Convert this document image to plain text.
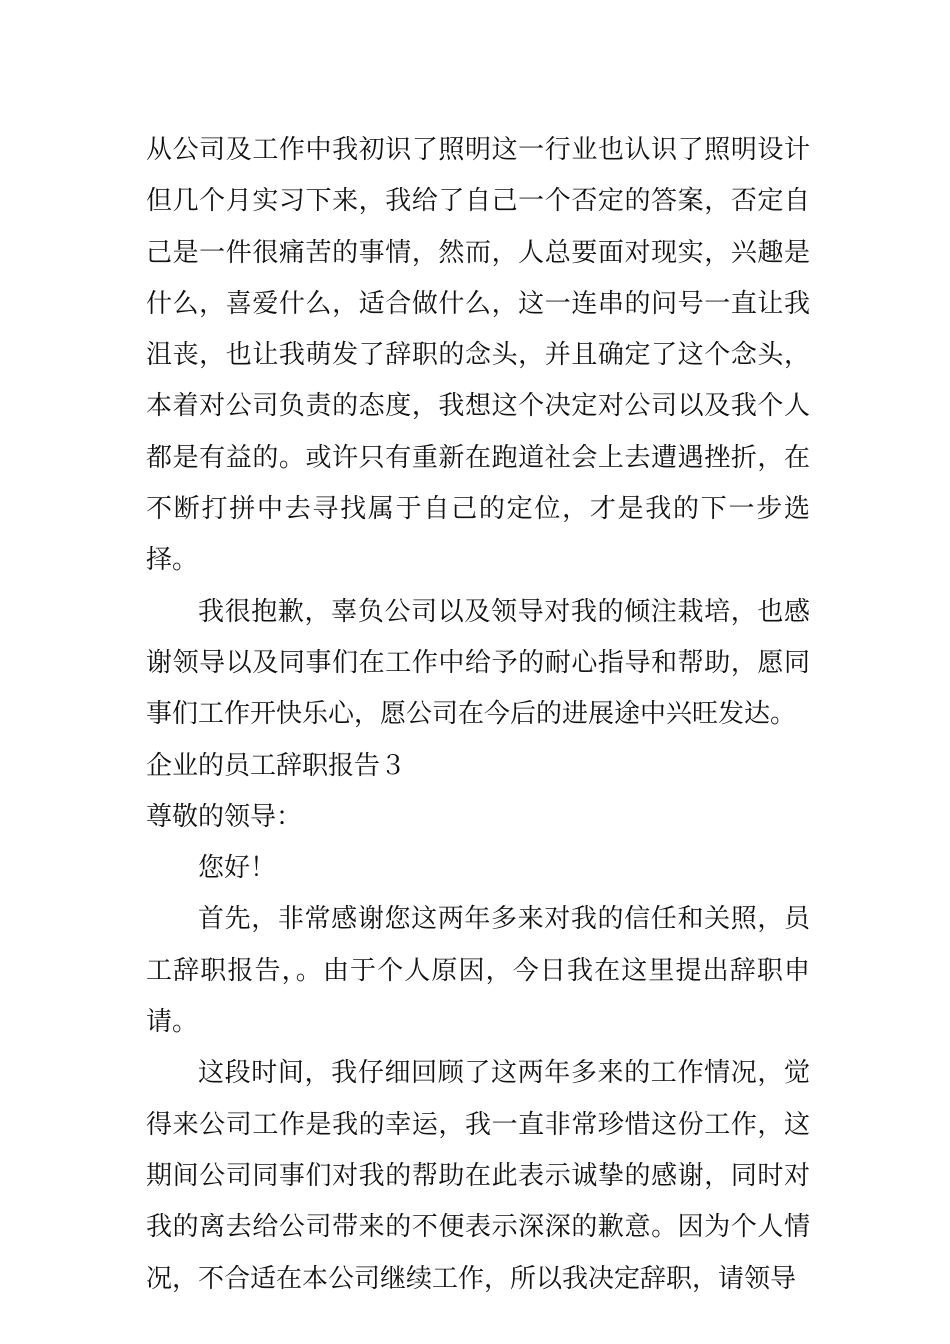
从公司及工作中我初识了照明这一行业也认识了照明设计但几个月实习下来，我给了自己一个否定的答案，否定自己是一件很痛苦的事情，然而，人总要面对现实，兴趣是什么，喜爱什么，适合做什么，这一连串的问号一直让我沮丧，也让我萌发了辞职的念头，并且确定了这个念头，本着对公司负责的态度，我想这个决定对公司以及我个人都是有益的。或许只有重新在跑道社会上去遭遇挫折，在不断打拼中去寻找属于自己的定位，才是我的下一步选择。

我很抱歉，辜负公司以及领导对我的倾注栽培，也感谢领导以及同事们在工作中给予的耐心指导和帮助，愿同事们工作开快乐心，愿公司在今后的进展途中兴旺发达。

企业的员工辞职报告３

尊敬的领导：

您好！

首先，非常感谢您这两年多来对我的信任和关照，员工辞职报告，。由于个人原因，今日我在这里提出辞职申请。

这段时间，我仔细回顾了这两年多来的工作情况，觉得来公司工作是我的幸运，我一直非常珍惜这份工作，这期间公司同事们对我的帮助在此表示诚挚的感谢，同时对我的离去给公司带来的不便表示深深的歉意。因为个人情况，不合适在本公司继续工作，所以我决定辞职，请领导
